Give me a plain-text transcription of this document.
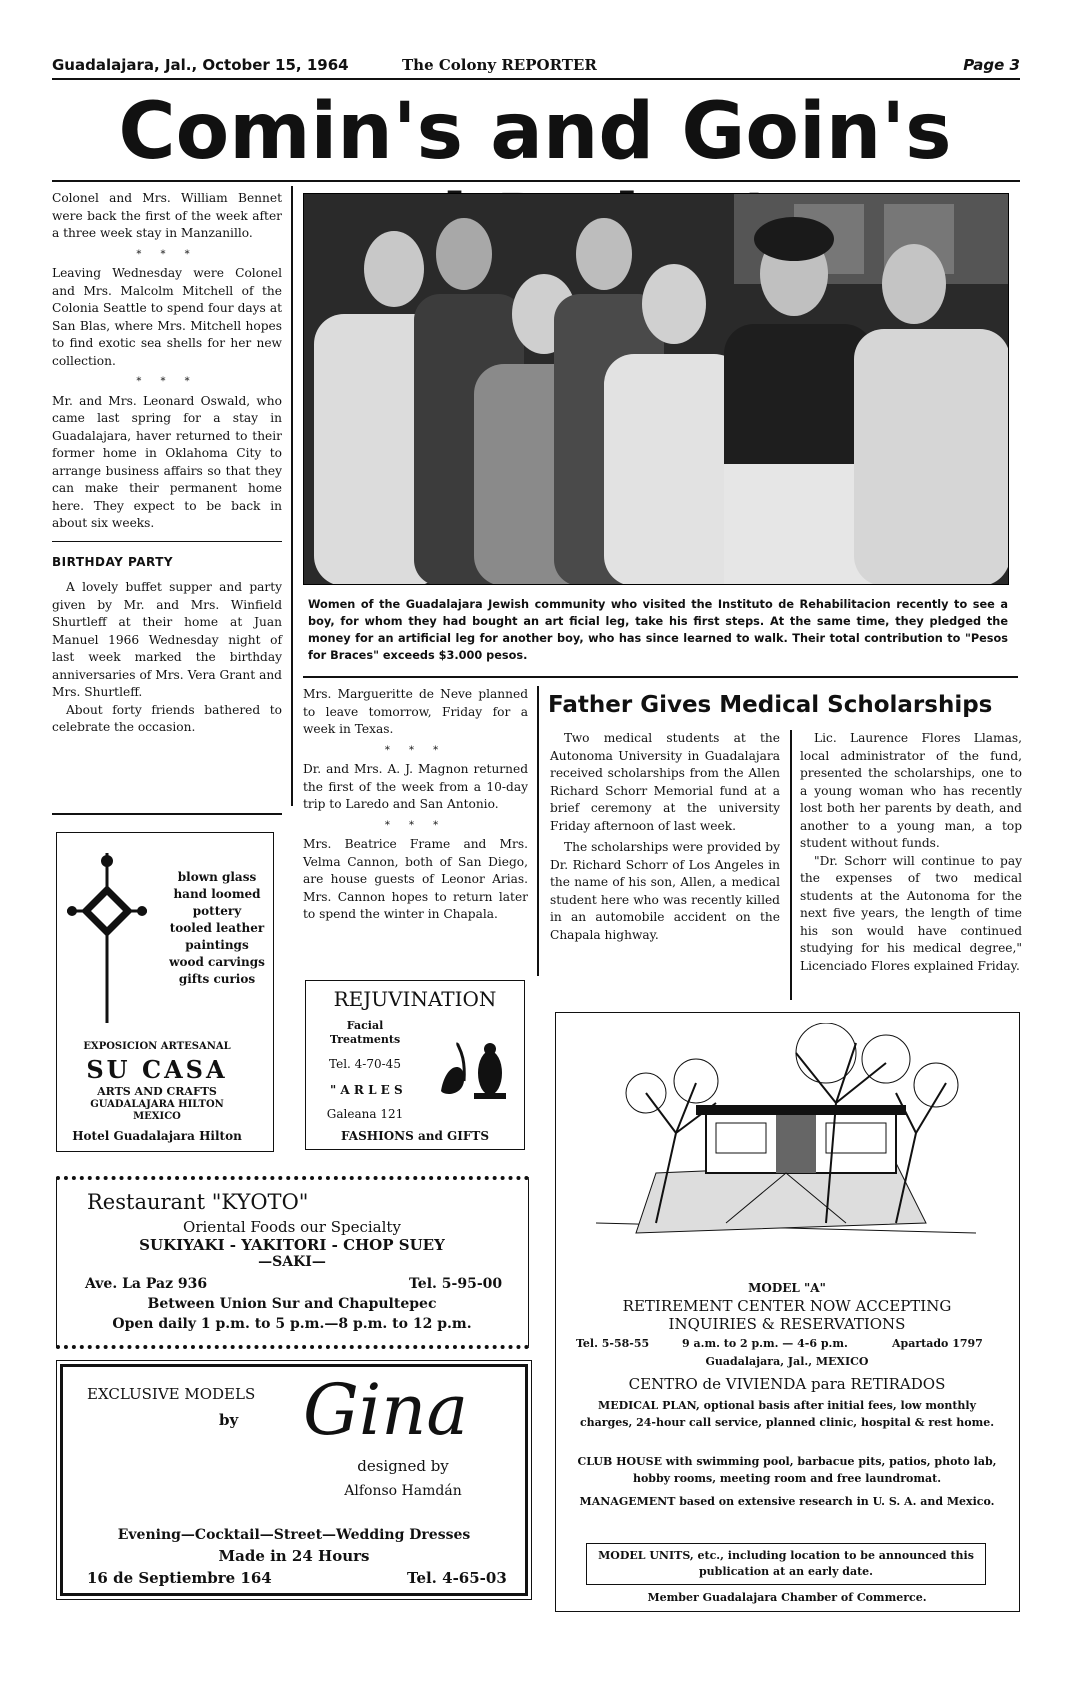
Guadalajara, Jal., October 15, 1964	The Colony REPORTER	Page 3
Comin's and Goin's

Colonel and Mrs. William Bennet were back the first of the week after a three week stay in Manzanillo.

* * *

Leaving Wednesday were Colonel and Mrs. Malcolm Mitchell of the Colonia Seattle to spend four days at San Blas, where Mrs. Mitchell hopes to find exotic sea shells for her new collection.

* * *

Mr. and Mrs. Leonard Oswald, who came last spring for a stay in Guadalajara, haver returned to their former home in Oklahoma City to arrange business affairs so that they can make their permanent home here. They expect to be back in about six weeks.

BIRTHDAY PARTY

A lovely buffet supper and party given by Mr. and Mrs. Winfield Shurtleff at their home at Juan Manuel 1966 Wednesday night of last week marked the birthday anniversaries of Mrs. Vera Grant and Mrs. Shurtleff.

About forty friends bathered to celebrate the occasion.

Women of the Guadalajara Jewish community who visited the Instituto de Rehabilitacion recently to see a boy, for whom they had bought an art ficial leg, take his first steps. At the same time, they pledged the money for an artificial leg for another boy, who has since learned to walk. Their total contribution to "Pesos for Braces" exceeds $3.000 pesos.

Mrs. Margueritte de Neve planned to leave tomorrow, Friday for a week in Texas.

* * *

Dr. and Mrs. A. J. Magnon returned the first of the week from a 10-day trip to Laredo and San Antonio.

* * *

Mrs. Beatrice Frame and Mrs. Velma Cannon, both of San Diego, are house guests of Leonor Arias. Mrs. Cannon hopes to return later to spend the winter in Chapala.

Father Gives Medical Scholarships

Two medical students at the Autonoma University in Guadalajara received scholarships from the Allen Richard Schorr Memorial fund at a brief ceremony at the university Friday afternoon of last week.

The scholarships were provided by Dr. Richard Schorr of Los Angeles in the name of his son, Allen, a medical student here who was recently killed in an automobile accident on the Chapala highway.

Lic. Laurence Flores Llamas, local administrator of the fund, presented the scholarships, one to a young woman who has recently lost both her parents by death, and another to a young man, a top student without funds.

"Dr. Schorr will continue to pay the expenses of two medical students at the Autonoma for the next five years, the length of time his son would have continued studying for his medical degree," Licenciado Flores explained Friday.

blown glass
hand loomed
pottery
tooled leather
paintings
wood carvings
gifts curios
EXPOSICION ARTESANAL
SU CASA
ARTS AND CRAFTS
GUADALAJARA HILTON MEXICO
Hotel Guadalajara Hilton
REJUVINATION
Facial Treatments
Tel. 4-70-45
" A R L E S
Galeana 121
FASHIONS and GIFTS
Restaurant "KYOTO"
Oriental Foods our Specialty
SUKIYAKI - YAKITORI - CHOP SUEY
—SAKI—
Ave. La Paz 936	Tel. 5-95-00
Between Union Sur and Chapultepec
Open daily 1 p.m. to 5 p.m.—8 p.m. to 12 p.m.
EXCLUSIVE MODELS
by Gina
designed by
Alfonso Hamdán
Evening—Cocktail—Street—Wedding Dresses
Made in 24 Hours
16 de Septiembre 164	Tel. 4-65-03
MODEL "A"
RETIREMENT CENTER NOW ACCEPTING
INQUIRIES & RESERVATIONS
Tel. 5-58-55	9 a.m. to 2 p.m. — 4-6 p.m.	Apartado 1797
Guadalajara, Jal., MEXICO
CENTRO de VIVIENDA para RETIRADOS
MEDICAL PLAN, optional basis after initial fees, low monthly charges, 24-hour call service, planned clinic, hospital & rest home.
CLUB HOUSE with swimming pool, barbacue pits, patios, photo lab, hobby rooms, meeting room and free laundromat.
MANAGEMENT based on extensive research in U. S. A. and Mexico.
MODEL UNITS, etc., including location to be announced this publication at an early date.
Member Guadalajara Chamber of Commerce.
